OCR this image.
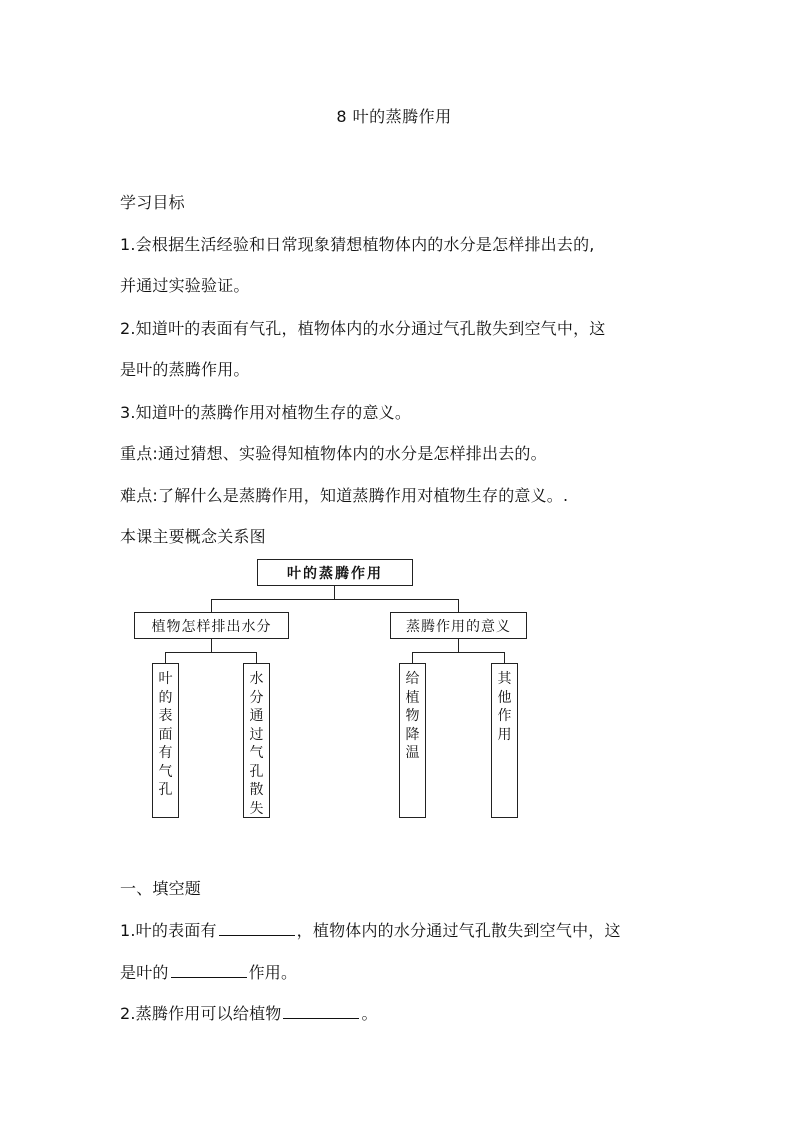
8 叶的蒸腾作用
学习目标
1.会根据生活经验和日常现象猜想植物体内的水分是怎样排出去的,
并通过实验验证。
2.知道叶的表面有气孔，植物体内的水分通过气孔散失到空气中，这
是叶的蒸腾作用。
3.知道叶的蒸腾作用对植物生存的意义。
重点:通过猜想、实验得知植物体内的水分是怎样排出去的。
难点:了解什么是蒸腾作用，知道蒸腾作用对植物生存的意义。.
本课主要概念关系图
叶的蒸腾作用
植物怎样排出水分	蒸腾作用的意义
叶
的
表
面
有
气
孔
水
分
通
过
气
孔
散
失
给
植
物
降
温
其
他
作
用
一、填空题
1.叶的表面有	，植物体内的水分通过气孔散失到空气中，这
是叶的	作用。
2.蒸腾作用可以给植物	。
